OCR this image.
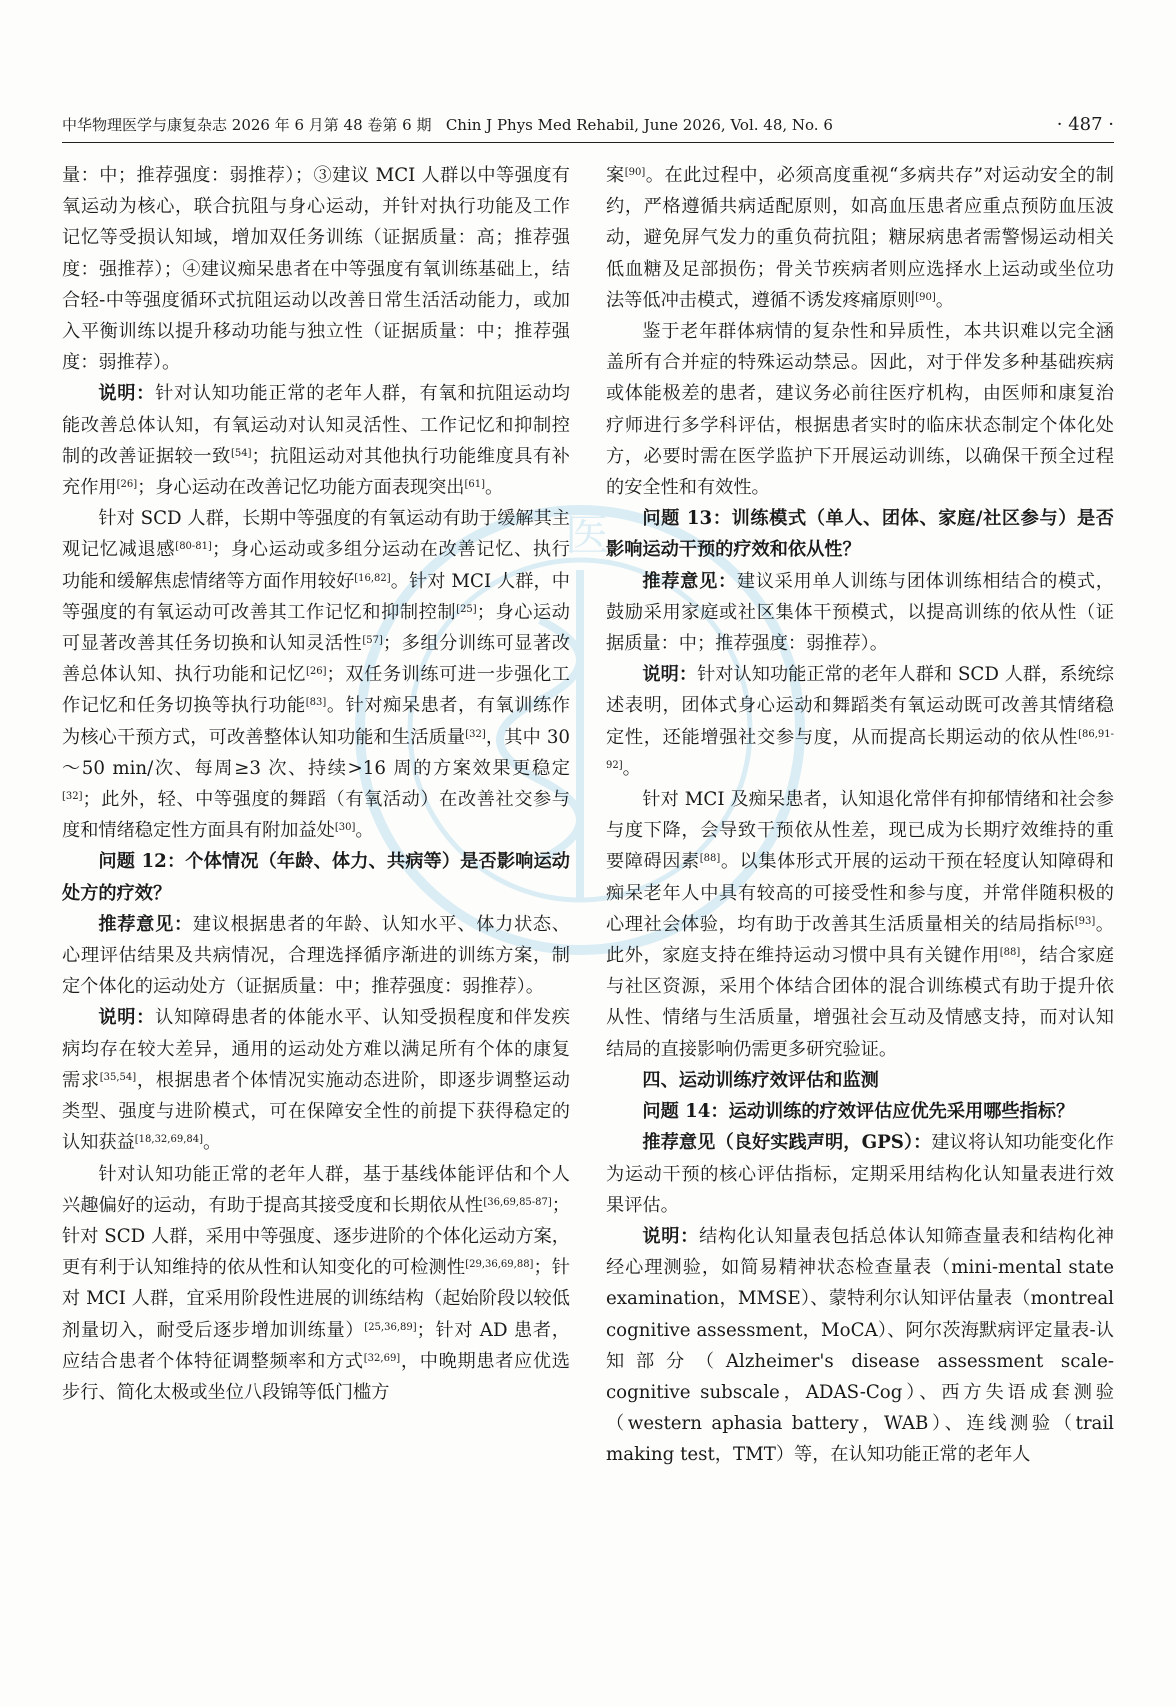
医
中华物理医学与康复杂志 2026 年 6 月第 48 卷第 6 期 Chin J Phys Med Rehabil, June 2026, Vol. 48, No. 6	· 487 ·

量：中；推荐强度：弱推荐）；③建议 MCI 人群以中等强度有氧运动为核心，联合抗阻与身心运动，并针对执行功能及工作记忆等受损认知域，增加双任务训练（证据质量：高；推荐强度：强推荐）；④建议痴呆患者在中等强度有氧训练基础上，结合轻-中等强度循环式抗阻运动以改善日常生活活动能力，或加入平衡训练以提升移动功能与独立性（证据质量：中；推荐强度：弱推荐）。

说明：针对认知功能正常的老年人群，有氧和抗阻运动均能改善总体认知，有氧运动对认知灵活性、工作记忆和抑制控制的改善证据较一致[54]；抗阻运动对其他执行功能维度具有补充作用[26]；身心运动在改善记忆功能方面表现突出[61]。

针对 SCD 人群，长期中等强度的有氧运动有助于缓解其主观记忆减退感[80-81]；身心运动或多组分运动在改善记忆、执行功能和缓解焦虑情绪等方面作用较好[16,82]。针对 MCI 人群，中等强度的有氧运动可改善其工作记忆和抑制控制[25]；身心运动可显著改善其任务切换和认知灵活性[57]；多组分训练可显著改善总体认知、执行功能和记忆[26]；双任务训练可进一步强化工作记忆和任务切换等执行功能[83]。针对痴呆患者，有氧训练作为核心干预方式，可改善整体认知功能和生活质量[32]，其中 30～50 min/次、每周≥3 次、持续>16 周的方案效果更稳定[32]；此外，轻、中等强度的舞蹈（有氧活动）在改善社交参与度和情绪稳定性方面具有附加益处[30]。

问题 12：个体情况（年龄、体力、共病等）是否影响运动处方的疗效？

推荐意见：建议根据患者的年龄、认知水平、体力状态、心理评估结果及共病情况，合理选择循序渐进的训练方案，制定个体化的运动处方（证据质量：中；推荐强度：弱推荐）。

说明：认知障碍患者的体能水平、认知受损程度和伴发疾病均存在较大差异，通用的运动处方难以满足所有个体的康复需求[35,54]，根据患者个体情况实施动态进阶，即逐步调整运动类型、强度与进阶模式，可在保障安全性的前提下获得稳定的认知获益[18,32,69,84]。

针对认知功能正常的老年人群，基于基线体能评估和个人兴趣偏好的运动，有助于提高其接受度和长期依从性[36,69,85-87]；针对 SCD 人群，采用中等强度、逐步进阶的个体化运动方案，更有利于认知维持的依从性和认知变化的可检测性[29,36,69,88]；针对 MCI 人群，宜采用阶段性进展的训练结构（起始阶段以较低剂量切入，耐受后逐步增加训练量）[25,36,89]；针对 AD 患者，应结合患者个体特征调整频率和方式[32,69]，中晚期患者应优选步行、简化太极或坐位八段锦等低门槛方

案[90]。在此过程中，必须高度重视“多病共存”对运动安全的制约，严格遵循共病适配原则，如高血压患者应重点预防血压波动，避免屏气发力的重负荷抗阻；糖尿病患者需警惕运动相关低血糖及足部损伤；骨关节疾病者则应选择水上运动或坐位功法等低冲击模式，遵循不诱发疼痛原则[90]。

鉴于老年群体病情的复杂性和异质性，本共识难以完全涵盖所有合并症的特殊运动禁忌。因此，对于伴发多种基础疾病或体能极差的患者，建议务必前往医疗机构，由医师和康复治疗师进行多学科评估，根据患者实时的临床状态制定个体化处方，必要时需在医学监护下开展运动训练，以确保干预全过程的安全性和有效性。

问题 13：训练模式（单人、团体、家庭/社区参与）是否影响运动干预的疗效和依从性？

推荐意见：建议采用单人训练与团体训练相结合的模式，鼓励采用家庭或社区集体干预模式，以提高训练的依从性（证据质量：中；推荐强度：弱推荐）。

说明：针对认知功能正常的老年人群和 SCD 人群，系统综述表明，团体式身心运动和舞蹈类有氧运动既可改善其情绪稳定性，还能增强社交参与度，从而提高长期运动的依从性[86,91-92]。

针对 MCI 及痴呆患者，认知退化常伴有抑郁情绪和社会参与度下降，会导致干预依从性差，现已成为长期疗效维持的重要障碍因素[88]。以集体形式开展的运动干预在轻度认知障碍和痴呆老年人中具有较高的可接受性和参与度，并常伴随积极的心理社会体验，均有助于改善其生活质量相关的结局指标[93]。此外，家庭支持在维持运动习惯中具有关键作用[88]，结合家庭与社区资源，采用个体结合团体的混合训练模式有助于提升依从性、情绪与生活质量，增强社会互动及情感支持，而对认知结局的直接影响仍需更多研究验证。

四、运动训练疗效评估和监测

问题 14：运动训练的疗效评估应优先采用哪些指标？

推荐意见（良好实践声明，GPS）：建议将认知功能变化作为运动干预的核心评估指标，定期采用结构化认知量表进行效果评估。

说明：结构化认知量表包括总体认知筛查量表和结构化神经心理测验，如简易精神状态检查量表（mini-mental state examination，MMSE）、蒙特利尔认知评估量表（montreal cognitive assessment，MoCA）、阿尔茨海默病评定量表-认知部分（Alzheimer's disease assessment scale-cognitive subscale，ADAS-Cog）、西方失语成套测验（western aphasia battery，WAB）、连线测验（trail making test，TMT）等，在认知功能正常的老年人
